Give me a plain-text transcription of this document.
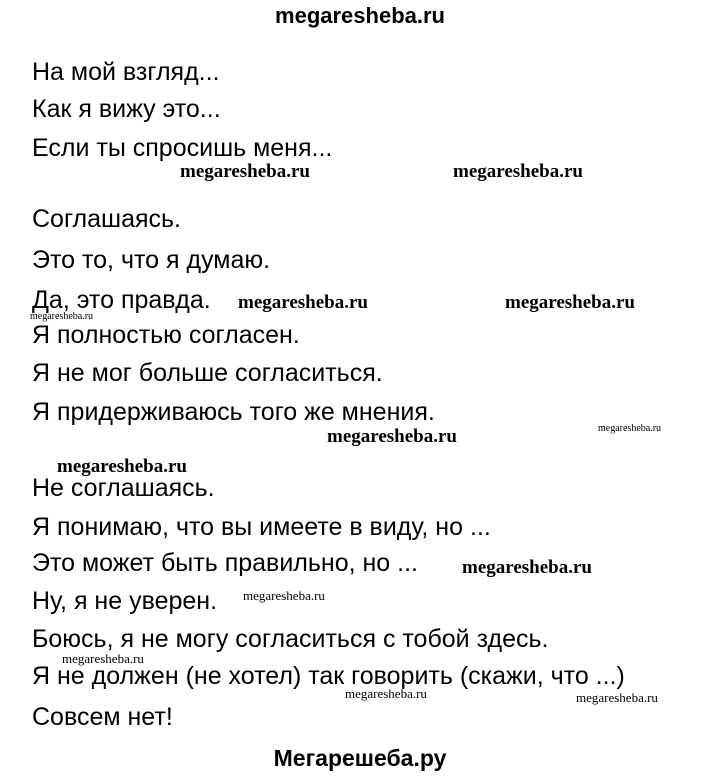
megaresheba.ru
На мой взгляд...
Как я вижу это...
Если ты спросишь меня...
Соглашаясь.
Это то, что я думаю.
Да, это правда.
Я полностью согласен.
Я не мог больше согласиться.
Я придерживаюсь того же мнения.
Не соглашаясь.
Я понимаю, что вы имеете в виду, но ...
Это может быть правильно, но ...
Ну, я не уверен.
Боюсь, я не могу согласиться с тобой здесь.
Я не должен (не хотел) так говорить (скажи, что ...)
Совсем нет!
megaresheba.ru	megaresheba.ru
megaresheba.ru	megaresheba.ru
megaresheba.ru
megaresheba.ru	megaresheba.ru
megaresheba.ru
megaresheba.ru
megaresheba.ru
megaresheba.ru
megaresheba.ru	megaresheba.ru
Мегарешеба.ру
